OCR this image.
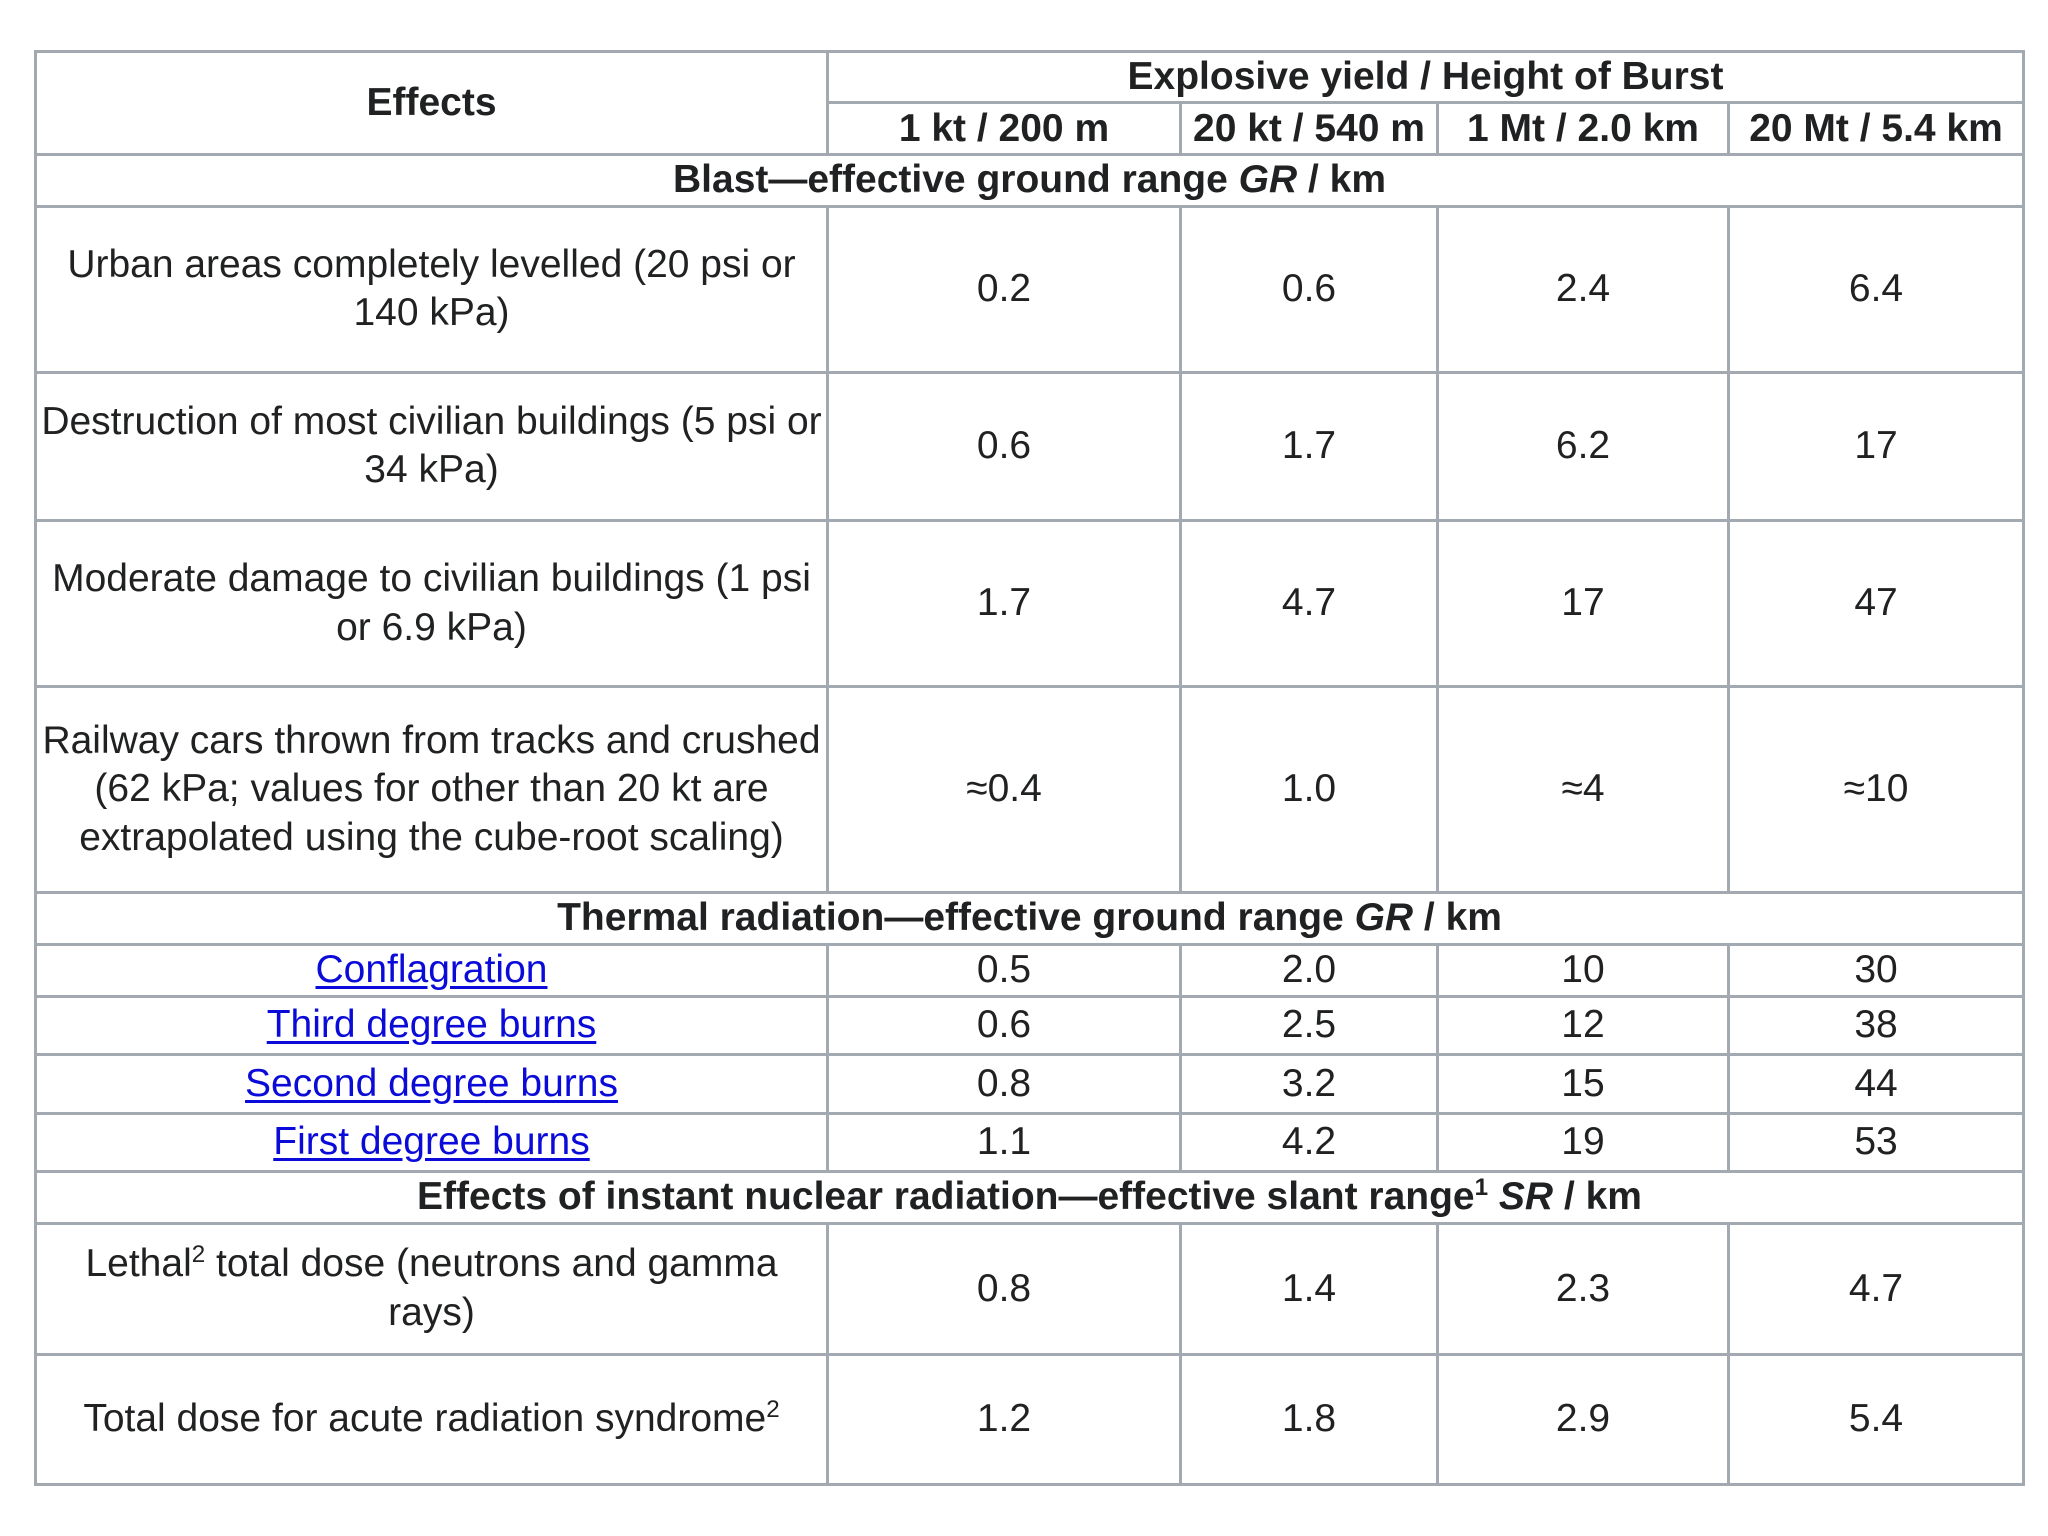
Effects	Explosive yield / Height of Burst			
	1 kt / 200 m	20 kt / 540 m	1 Mt / 2.0 km	20 Mt / 5.4 km
Blast—effective ground range GR / km				
Urban areas completely levelled (20 psi or 140 kPa)	0.2	0.6	2.4	6.4
Destruction of most civilian buildings (5 psi or 34 kPa)	0.6	1.7	6.2	17
Moderate damage to civilian buildings (1 psi or 6.9 kPa)	1.7	4.7	17	47
Railway cars thrown from tracks and crushed (62 kPa; values for other than 20 kt are extrapolated using the cube-root scaling)	≈0.4	1.0	≈4	≈10
Thermal radiation—effective ground range GR / km				
Conflagration	0.5	2.0	10	30
Third degree burns	0.6	2.5	12	38
Second degree burns	0.8	3.2	15	44
First degree burns	1.1	4.2	19	53
Effects of instant nuclear radiation—effective slant range$^1$ SR / km				
Lethal$^2$ total dose (neutrons and gamma rays)	0.8	1.4	2.3	4.7
Total dose for acute radiation syndrome$^2$	1.2	1.8	2.9	5.4
